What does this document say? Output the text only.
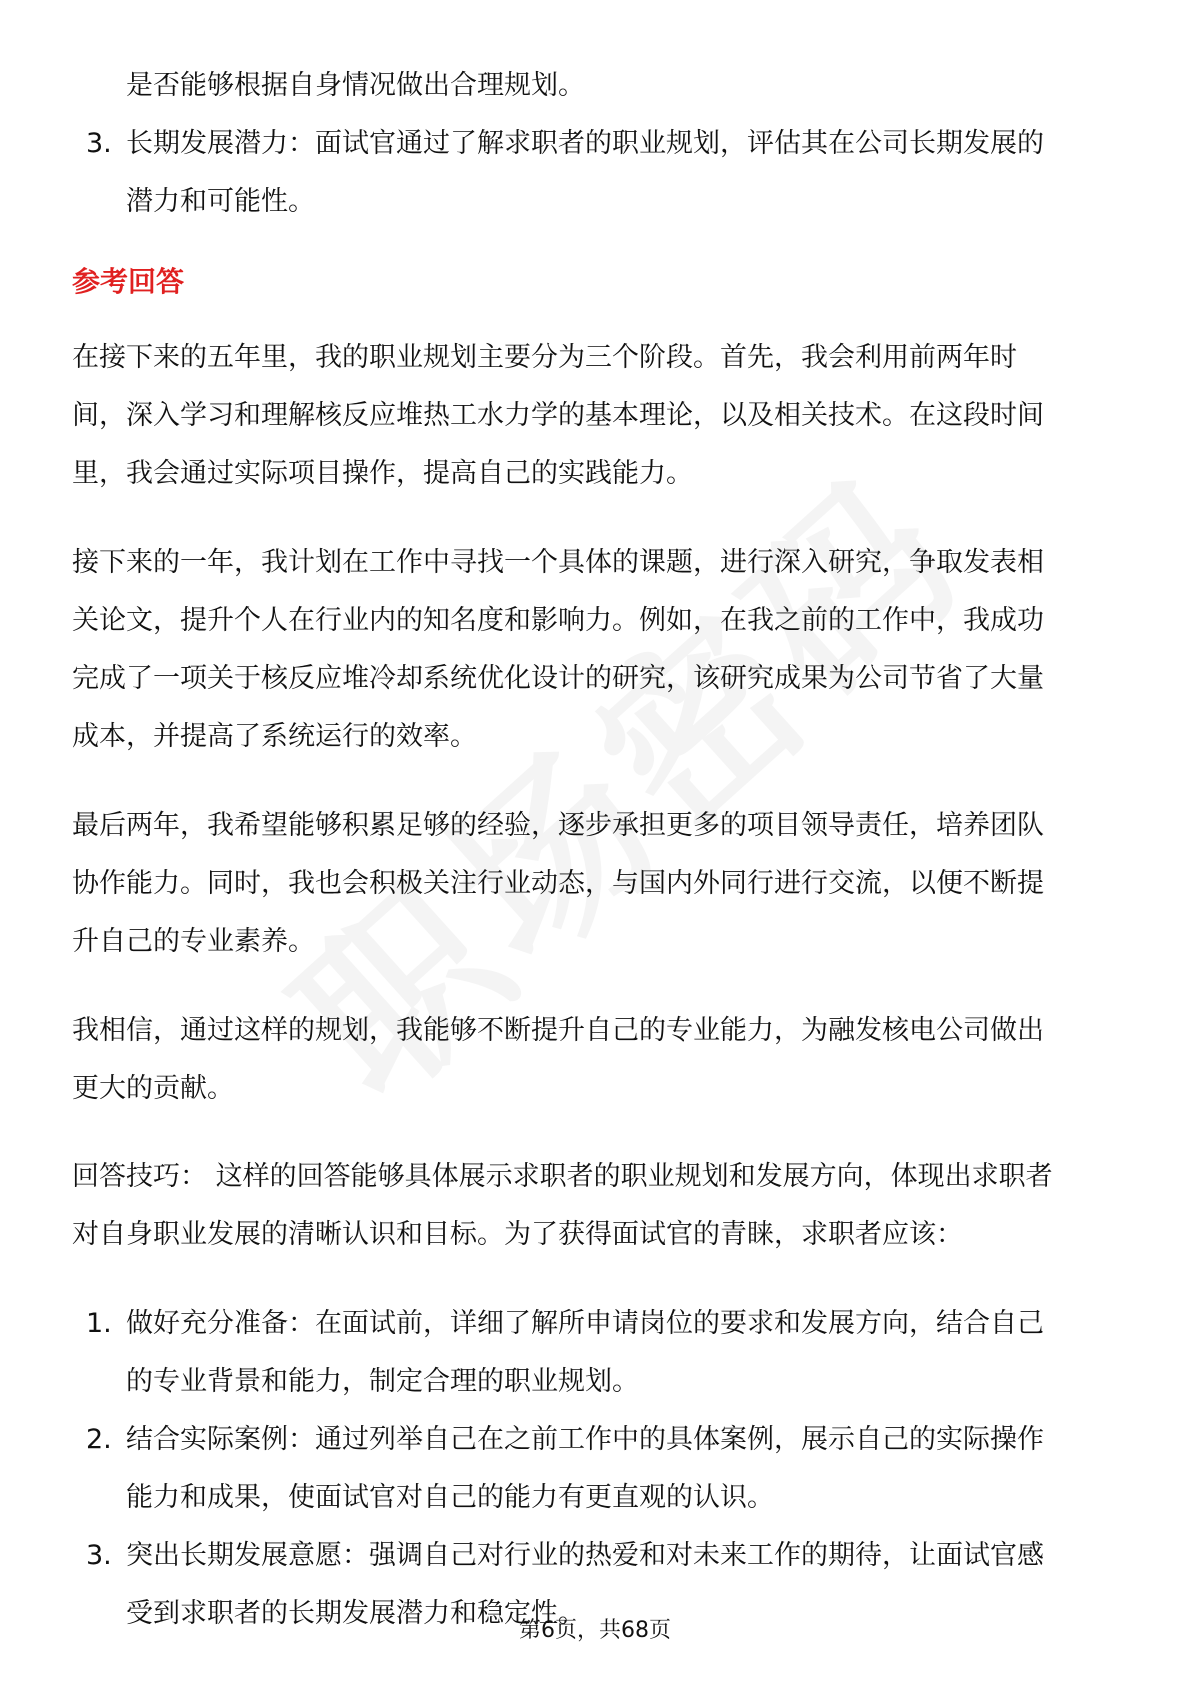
是否能够根据自身情况做出合理规划。
3. 长期发展潜力：面试官通过了解求职者的职业规划，评估其在公司长期发展的
潜力和可能性。
参考回答
在接下来的五年里，我的职业规划主要分为三个阶段。首先，我会利用前两年时
间，深入学习和理解核反应堆热工水力学的基本理论，以及相关技术。在这段时间
里，我会通过实际项目操作，提高自己的实践能力。
接下来的一年，我计划在工作中寻找一个具体的课题，进行深入研究，争取发表相
关论文，提升个人在行业内的知名度和影响力。例如，在我之前的工作中，我成功
完成了一项关于核反应堆冷却系统优化设计的研究，该研究成果为公司节省了大量
成本，并提高了系统运行的效率。
最后两年，我希望能够积累足够的经验，逐步承担更多的项目领导责任，培养团队
协作能力。同时，我也会积极关注行业动态，与国内外同行进行交流，以便不断提
升自己的专业素养。
我相信，通过这样的规划，我能够不断提升自己的专业能力，为融发核电公司做出
更大的贡献。
回答技巧： 这样的回答能够具体展示求职者的职业规划和发展方向，体现出求职者
对自身职业发展的清晰认识和目标。为了获得面试官的青睐，求职者应该：
1. 做好充分准备：在面试前，详细了解所申请岗位的要求和发展方向，结合自己
的专业背景和能力，制定合理的职业规划。
2. 结合实际案例：通过列举自己在之前工作中的具体案例，展示自己的实际操作
能力和成果，使面试官对自己的能力有更直观的认识。
3. 突出长期发展意愿：强调自己对行业的热爱和对未来工作的期待，让面试官感
受到求职者的长期发展潜力和稳定性。
第6页，共68页
